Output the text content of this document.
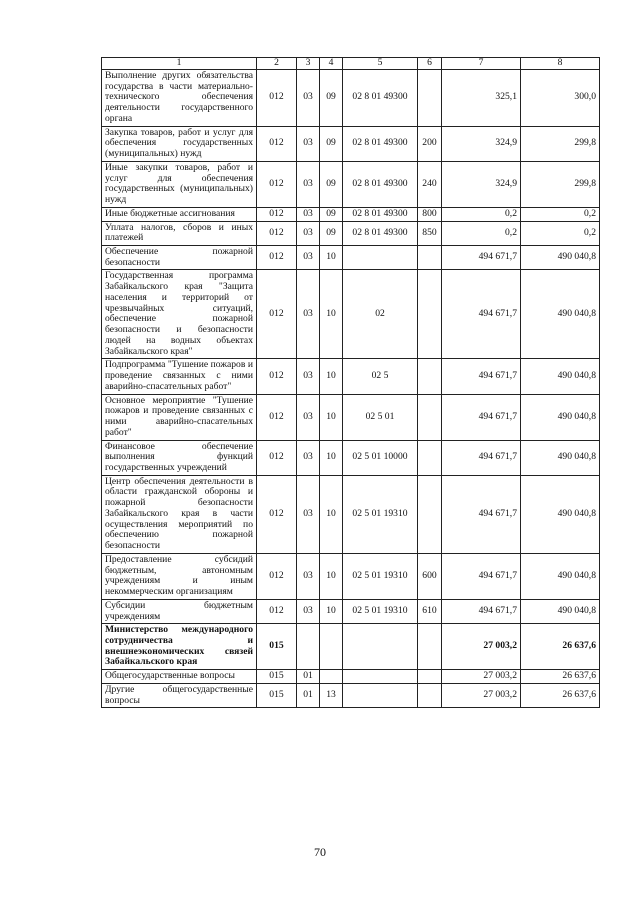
1	2	3	4	5	6	7	8
Выполнение других обязательства государства в части материально-технического обеспечения деятельности государственного органа	012	03	09	02 8 01 49300		325,1	300,0
Закупка товаров, работ и услуг для обеспечения государственных (муниципальных) нужд	012	03	09	02 8 01 49300	200	324,9	299,8
Иные закупки товаров, работ и услуг для обеспечения государственных (муниципальных) нужд	012	03	09	02 8 01 49300	240	324,9	299,8
Иные бюджетные ассигнования	012	03	09	02 8 01 49300	800	0,2	0,2
Уплата налогов, сборов и иных платежей	012	03	09	02 8 01 49300	850	0,2	0,2
Обеспечение пожарной безопасности	012	03	10			494 671,7	490 040,8
Государственная программа Забайкальского края "Защита населения и территорий от чрезвычайных ситуаций, обеспечение пожарной безопасности и безопасности людей на водных объектах Забайкальского края"	012	03	10	02		494 671,7	490 040,8
Подпрограмма "Тушение пожаров и проведение связанных с ними аварийно-спасательных работ"	012	03	10	02 5		494 671,7	490 040,8
Основное мероприятие "Тушение пожаров и проведение связанных с ними аварийно-спасательных работ"	012	03	10	02 5 01		494 671,7	490 040,8
Финансовое обеспечение выполнения функций государственных учреждений	012	03	10	02 5 01 10000		494 671,7	490 040,8
Центр обеспечения деятельности в области гражданской обороны и пожарной безопасности Забайкальского края в части осуществления мероприятий по обеспечению пожарной безопасности	012	03	10	02 5 01 19310		494 671,7	490 040,8
Предоставление субсидий бюджетным, автономным учреждениям и иным некоммерческим организациям	012	03	10	02 5 01 19310	600	494 671,7	490 040,8
Субсидии бюджетным учреждениям	012	03	10	02 5 01 19310	610	494 671,7	490 040,8
Министерство международного сотрудничества и внешнеэкономических связей Забайкальского края	015					27 003,2	26 637,6
Общегосударственные вопросы	015	01				27 003,2	26 637,6
Другие общегосударственные вопросы	015	01	13			27 003,2	26 637,6
70
